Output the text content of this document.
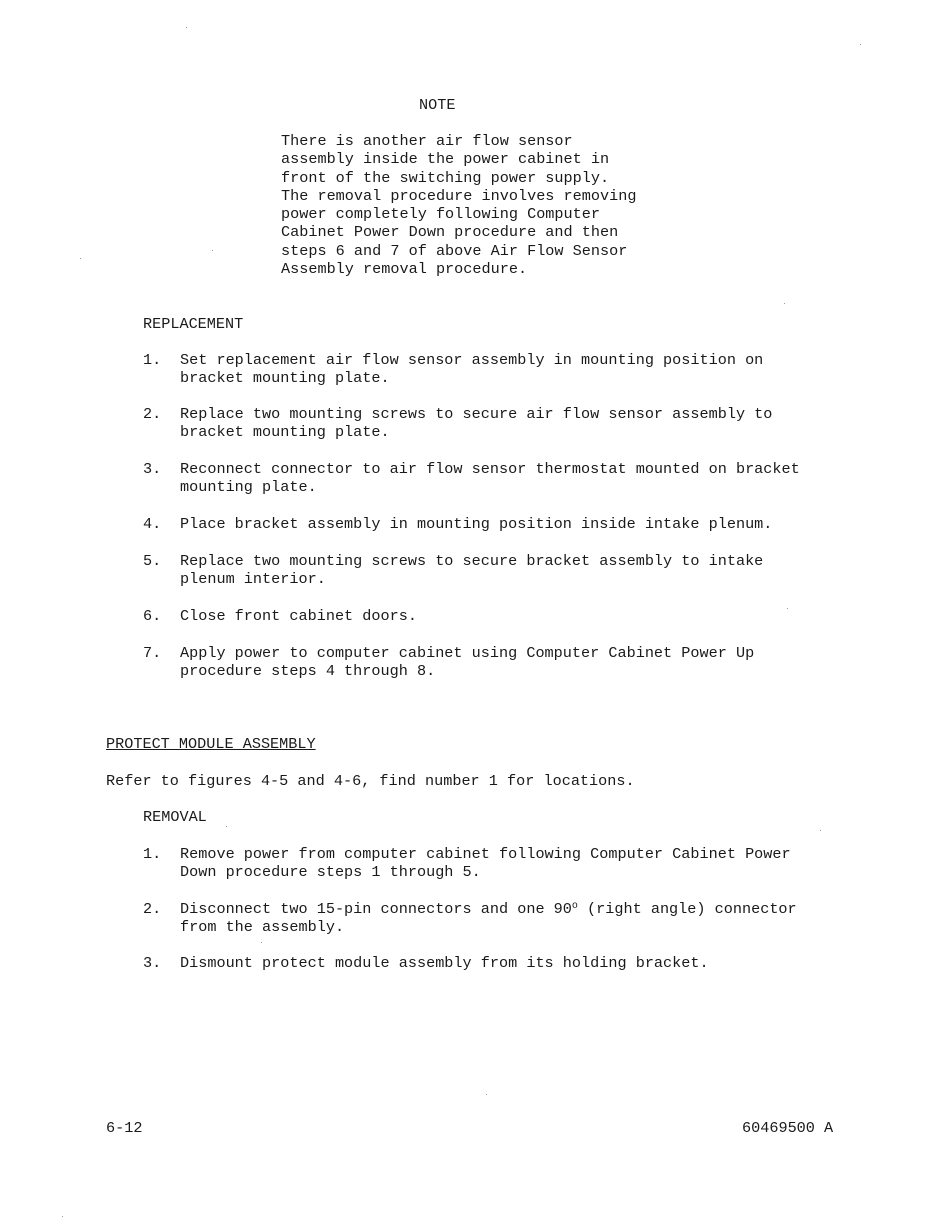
NOTE
There is another air flow sensor
assembly inside the power cabinet in
front of the switching power supply.
The removal procedure involves removing
power completely following Computer
Cabinet Power Down procedure and then
steps 6 and 7 of above Air Flow Sensor
Assembly removal procedure.
REPLACEMENT
1. Set replacement air flow sensor assembly in mounting position on
bracket mounting plate.
2. Replace two mounting screws to secure air flow sensor assembly to
bracket mounting plate.
3. Reconnect connector to air flow sensor thermostat mounted on bracket
mounting plate.
4. Place bracket assembly in mounting position inside intake plenum.
5. Replace two mounting screws to secure bracket assembly to intake
plenum interior.
6. Close front cabinet doors.
7. Apply power to computer cabinet using Computer Cabinet Power Up
procedure steps 4 through 8.
PROTECT MODULE ASSEMBLY
Refer to figures 4-5 and 4-6, find number 1 for locations.
REMOVAL
1. Remove power from computer cabinet following Computer Cabinet Power
Down procedure steps 1 through 5.
2. Disconnect two 15-pin connectors and one 90$^o$ (right angle) connector
from the assembly.
3. Dismount protect module assembly from its holding bracket.
6-12	60469500 A
